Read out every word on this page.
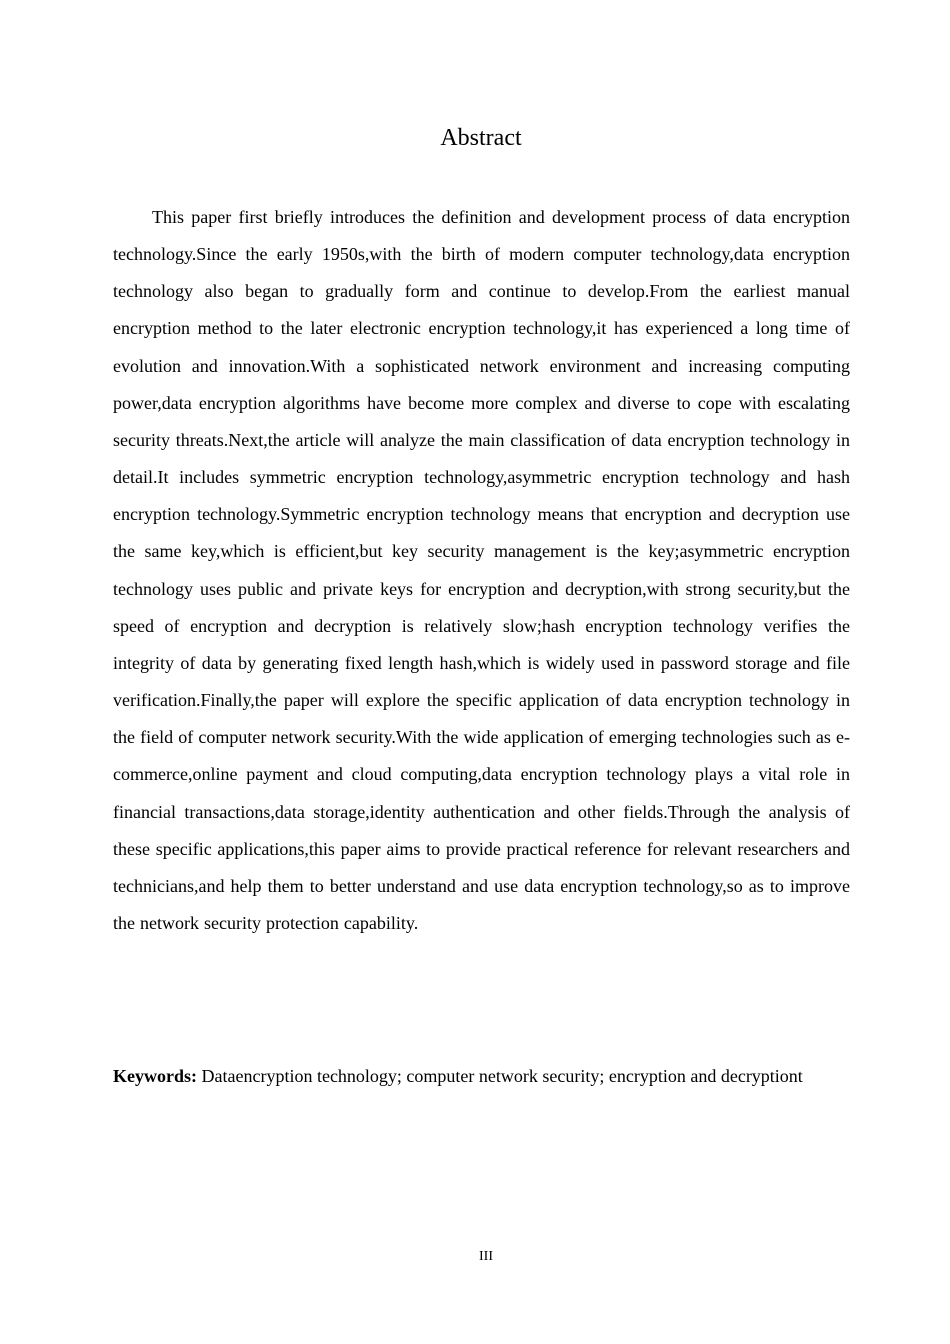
Abstract

This paper first briefly introduces the definition and development process of data encryption technology.Since the early 1950s,with the birth of modern computer technology,data encryption technology also began to gradually form and continue to develop.From the earliest manual encryption method to the later electronic encryption technology,it has experienced a long time of evolution and innovation.With a sophisticated network environment and increasing computing power,data encryption algorithms have become more complex and diverse to cope with escalating security threats.Next,the article will analyze the main classification of data encryption technology in detail.It includes symmetric encryption technology,asymmetric encryption technology and hash encryption technology.Symmetric encryption technology means that encryption and decryption use the same key,which is efficient,but key security management is the key;asymmetric encryption technology uses public and private keys for encryption and decryption,with strong security,but the speed of encryption and decryption is relatively slow;hash encryption technology verifies the integrity of data by generating fixed length hash,which is widely used in password storage and file verification.Finally,the paper will explore the specific application of data encryption technology in the field of computer network security.With the wide application of emerging technologies such as e-commerce,online payment and cloud computing,data encryption technology plays a vital role in financial transactions,data storage,identity authentication and other fields.Through the analysis of these specific applications,this paper aims to provide practical reference for relevant researchers and technicians,and help them to better understand and use data encryption technology,so as to improve the network security protection capability.

Keywords: Dataencryption technology; computer network security; encryption and decryptiont
III
